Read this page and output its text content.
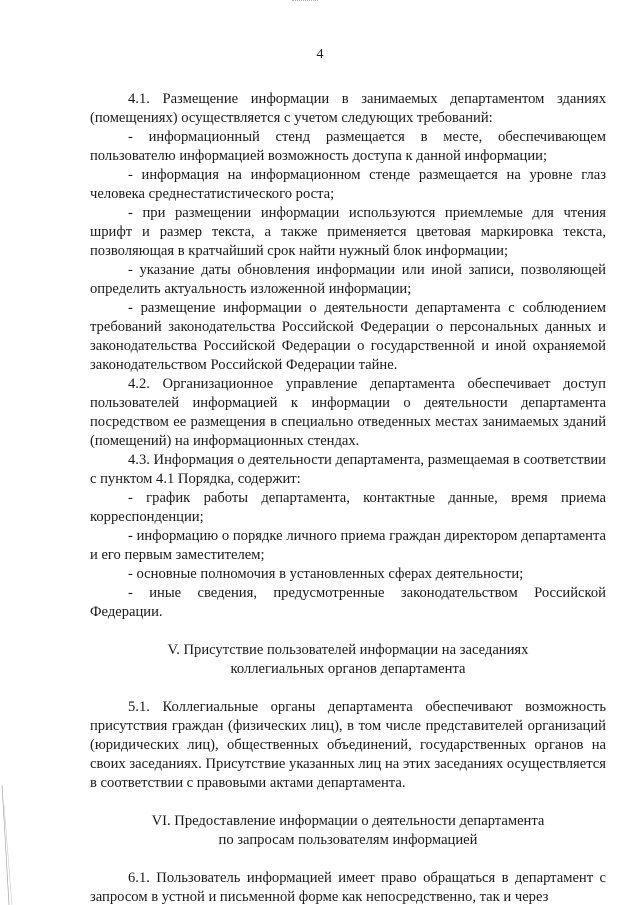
4

4.1. Размещение информации в занимаемых департаментом зданиях (помещениях) осуществляется с учетом следующих требований:

- информационный стенд размещается в месте, обеспечивающем пользователю информацией возможность доступа к данной информации;

- информация на информационном стенде размещается на уровне глаз человека среднестатистического роста;

- при размещении информации используются приемлемые для чтения шрифт и размер текста, а также применяется цветовая маркировка текста, позволяющая в кратчайший срок найти нужный блок информации;

- указание даты обновления информации или иной записи, позволяющей определить актуальность изложенной информации;

- размещение информации о деятельности департамента с соблюдением требований законодательства Российской Федерации о персональных данных и законодательства Российской Федерации о государственной и иной охраняемой законодательством Российской Федерации тайне.

4.2. Организационное управление департамента обеспечивает доступ пользователей информацией к информации о деятельности департамента посредством ее размещения в специально отведенных местах занимаемых зданий (помещений) на информационных стендах.

4.3. Информация о деятельности департамента, размещаемая в соответствии с пунктом 4.1 Порядка, содержит:

- график работы департамента, контактные данные, время приема корреспонденции;

- информацию о порядке личного приема граждан директором департамента и его первым заместителем;

- основные полномочия в установленных сферах деятельности;

- иные сведения, предусмотренные законодательством Российской Федерации.

V. Присутствие пользователей информации на заседаниях

коллегиальных органов департамента

5.1. Коллегиальные органы департамента обеспечивают возможность присутствия граждан (физических лиц), в том числе представителей организаций (юридических лиц), общественных объединений, государственных органов на своих заседаниях. Присутствие указанных лиц на этих заседаниях осуществляется в соответствии с правовыми актами департамента.

VI. Предоставление информации о деятельности департамента

по запросам пользователям информацией

6.1. Пользователь информацией имеет право обращаться в департамент с запросом в устной и письменной форме как непосредственно, так и через
